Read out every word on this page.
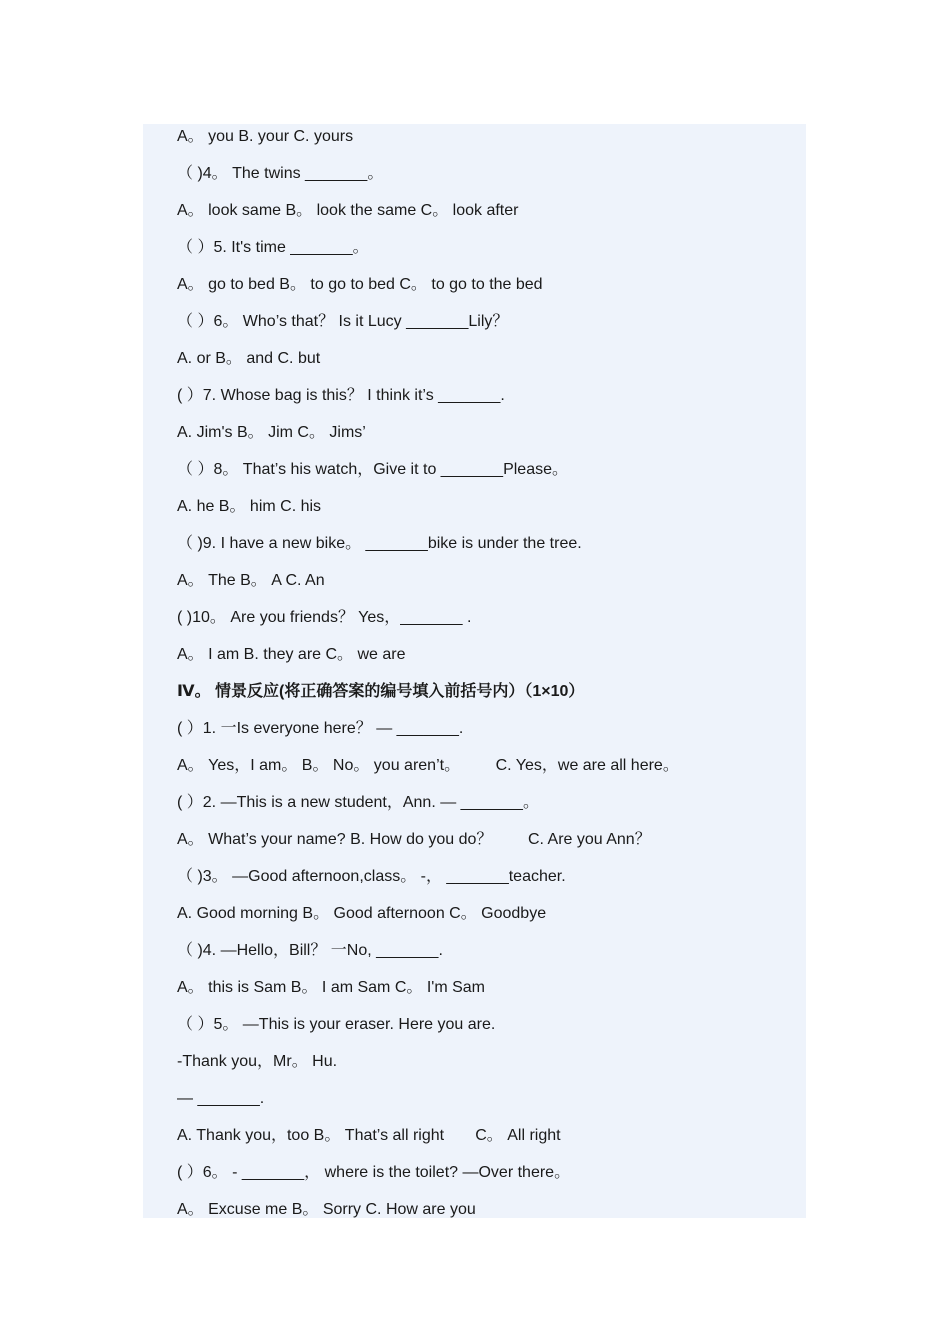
A。 you B. your C. yours
（ )4。 The twins _______。
A。 look same B。 look the same C。 look after
（ ）5. It's time _______。
A。 go to bed B。 to go to bed C。 to go to the bed
（ ）6。 Who’s that？ Is it Lucy _______Lily？
A. or B。 and C. but
( ）7. Whose bag is this？ I think it’s _______.
A. Jim's B。 Jim C。 Jims’
（ ）8。 That’s his watch，Give it to _______Please。
A. he B。 him C. his
（ )9. I have a new bike。 _______bike is under the tree.
A。 The B。 A C. An
( )10。 Are you friends？ Yes，_______ .
A。 I am B. they are C。 we are
Ⅳ。 情景反应(将正确答案的编号填入前括号内）（1×10）
( ）1. 一Is everyone here？ — _______.
A。 Yes，I am。 B。 No。 you aren’t。        C. Yes，we are all here。
( ）2. —This is a new student，Ann. — _______。
A。 What’s your name? B. How do you do？        C. Are you Ann？
（ )3。 —Good afternoon,class。 -， _______teacher.
A. Good morning B。 Good afternoon C。 Goodbye
（ )4. —Hello，Bill？ 一No, _______.
A。 this is Sam B。 I am Sam C。 I'm Sam
（ ）5。 —This is your eraser. Here you are.
-Thank you，Mr。 Hu.
— _______.
A. Thank you，too B。 That’s all right       C。 All right
( ）6。 - _______， where is the toilet? —Over there。
A。 Excuse me B。 Sorry C. How are you
